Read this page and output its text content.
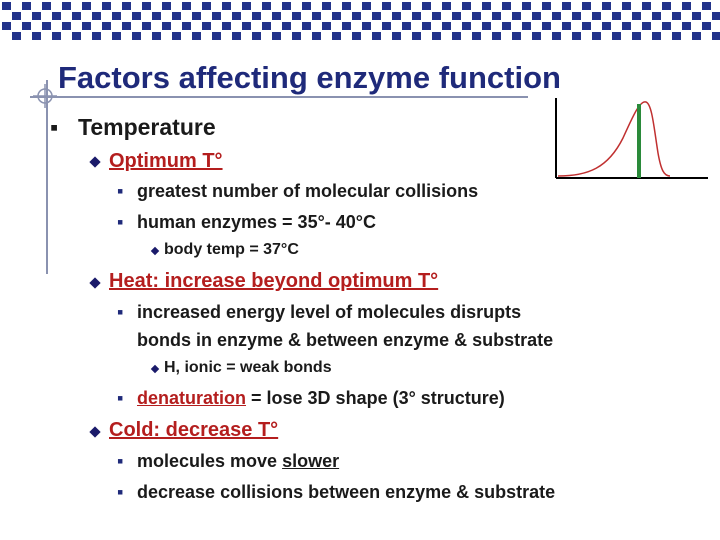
Factors affecting enzyme function
▪ Temperature
Optimum T°
▪ greatest number of molecular collisions
▪ human enzymes = 35°- 40°C
body temp = 37°C
Heat: increase beyond optimum T°
▪ increased energy level of molecules disrupts
bonds in enzyme & between enzyme & substrate
H, ionic = weak bonds
▪ denaturation = lose 3D shape (3° structure)
Cold: decrease T°
▪ molecules move slower
▪ decrease collisions between enzyme & substrate
